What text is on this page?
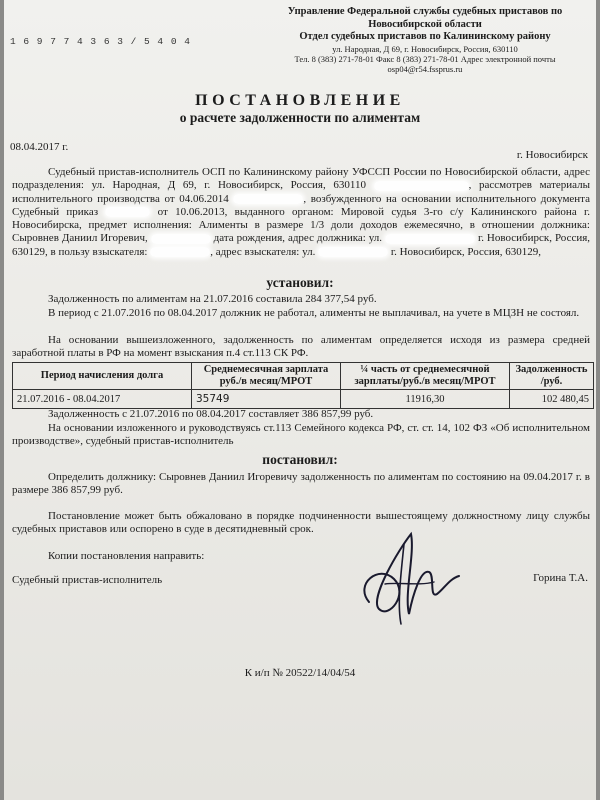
1 6 9 7 7 4 3 6 3 / 5 4 0 4
Управление Федеральной службы судебных приставов по
Новосибирской области
Отдел судебных приставов по Калининскому району
ул. Народная, Д 69, г. Новосибирск, Россия, 630110
Тел. 8 (383) 271-78-01 Факс 8 (383) 271-78-01 Адрес электронной почты
osp04@r54.fssprus.ru
ПОСТАНОВЛЕНИЕ
о расчете задолженности по алиментам
08.04.2017 г.
г. Новосибирск
Судебный пристав-исполнитель ОСП по Калининскому району УФССП России по Новосибирской области, адрес подразделения: ул. Народная, Д 69, г. Новосибирск, Россия, 630110	, рассмотрев материалы исполнительного производства от 04.06.2014	, возбужденного на основании исполнительного документа Судебный приказ	от 10.06.2013, выданного органом: Мировой судья 3-го с/у Калининского района г. Новосибирска, предмет исполнения: Алименты в размере 1/3 доли доходов ежемесячно, в отношении должника: Сыровнев Даниил Игоревич,	дата рождения, адрес должника: ул.	г. Новосибирск, Россия, 630129, в пользу взыскателя:	, адрес взыскателя: ул.	г. Новосибирск, Россия, 630129,
установил:
Задолженность по алиментам на 21.07.2016 составила 284 377,54 руб.
В период с 21.07.2016 по 08.04.2017 должник не работал, алименты не выплачивал, на учете в МЦЗН не состоял.
На основании вышеизложенного, задолженность по алиментам определяется исходя из размера средней заработной платы в РФ на момент взыскания п.4 ст.113 СК РФ.
Период начисления долга	Среднемесячная зарплата руб./в месяц/МРОТ	¼ часть от среднемесячной зарплаты/руб./в месяц/МРОТ	Задолженность /руб.
21.07.2016 - 08.04.2017	35749	11916,30	102 480,45
Задолженность с 21.07.2016 по 08.04.2017 составляет 386 857,99 руб.
На основании изложенного и руководствуясь ст.113 Семейного кодекса РФ, ст. ст. 14, 102 ФЗ «Об исполнительном производстве», судебный пристав-исполнитель
постановил:
Определить должнику: Сыровнев Даниил Игоревичу задолженность по алиментам по состоянию на 09.04.2017 г. в размере 386 857,99 руб.
Постановление может быть обжаловано в порядке подчиненности вышестоящему должностному лицу службы судебных приставов или оспорено в суде в десятидневный срок.
Копии постановления направить:
Судебный пристав-исполнитель	Горина Т.А.
К и/п № 20522/14/04/54
